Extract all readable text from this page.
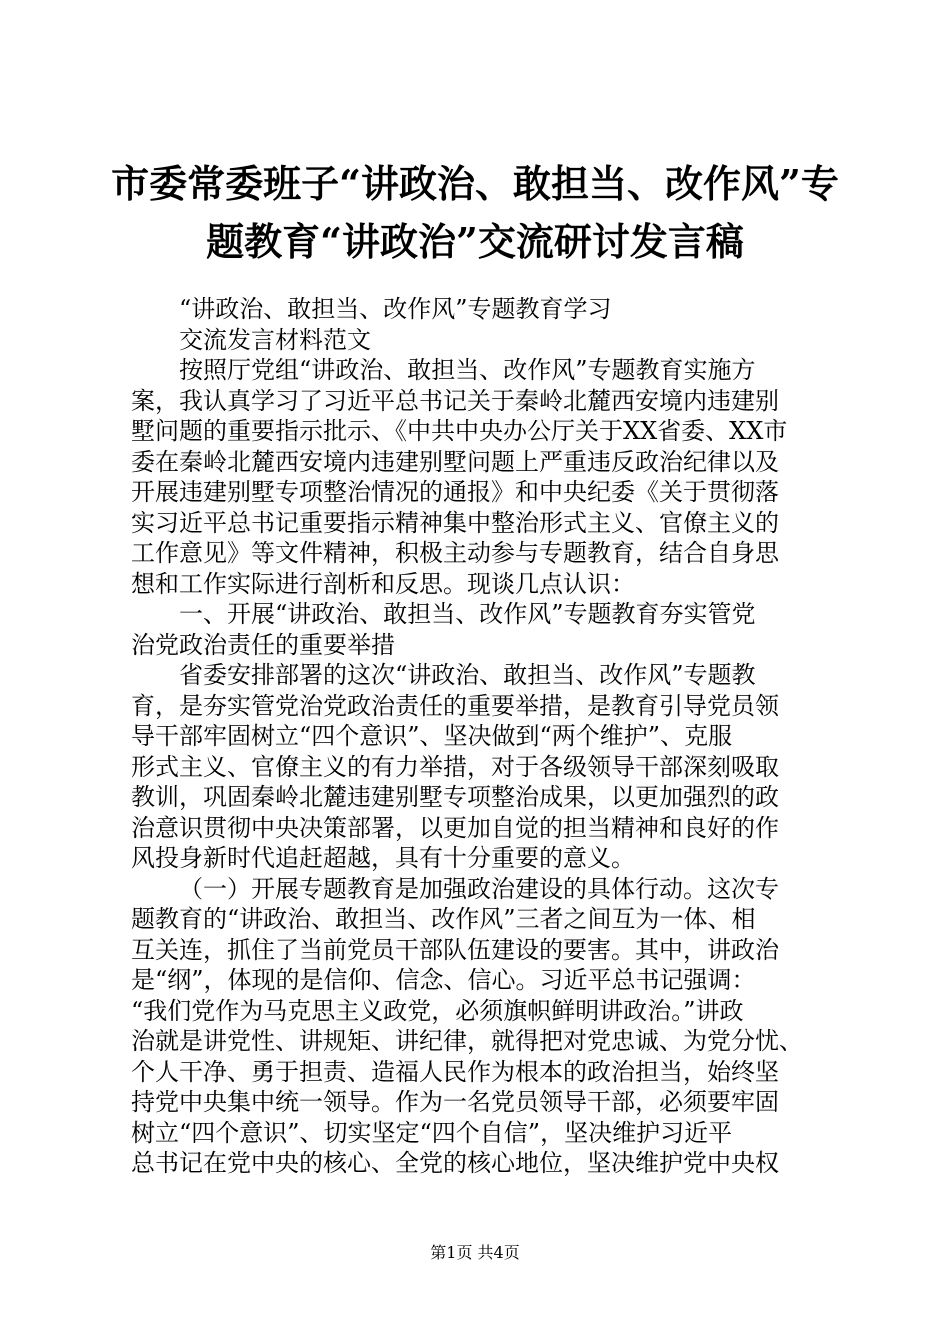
市委常委班子“讲政治、敢担当、改作风”专
题教育“讲政治”交流研讨发言稿
“讲政治、敢担当、改作风”专题教育学习
交流发言材料范文
按照厅党组“讲政治、敢担当、改作风”专题教育实施方
案，我认真学习了习近平总书记关于秦岭北麓西安境内违建别
墅问题的重要指示批示、《中共中央办公厅关于XX省委、XX市
委在秦岭北麓西安境内违建别墅问题上严重违反政治纪律以及
开展违建别墅专项整治情况的通报》和中央纪委《关于贯彻落
实习近平总书记重要指示精神集中整治形式主义、官僚主义的
工作意见》等文件精神，积极主动参与专题教育，结合自身思
想和工作实际进行剖析和反思。现谈几点认识：
一、开展“讲政治、敢担当、改作风”专题教育夯实管党
治党政治责任的重要举措
省委安排部署的这次“讲政治、敢担当、改作风”专题教
育，是夯实管党治党政治责任的重要举措，是教育引导党员领
导干部牢固树立“四个意识”、坚决做到“两个维护”、克服
形式主义、官僚主义的有力举措，对于各级领导干部深刻吸取
教训，巩固秦岭北麓违建别墅专项整治成果，以更加强烈的政
治意识贯彻中央决策部署，以更加自觉的担当精神和良好的作
风投身新时代追赶超越，具有十分重要的意义。
（一）开展专题教育是加强政治建设的具体行动。这次专
题教育的“讲政治、敢担当、改作风”三者之间互为一体、相
互关连，抓住了当前党员干部队伍建设的要害。其中，讲政治
是“纲”，体现的是信仰、信念、信心。习近平总书记强调：
“我们党作为马克思主义政党，必须旗帜鲜明讲政治。”讲政
治就是讲党性、讲规矩、讲纪律，就得把对党忠诚、为党分忧、
个人干净、勇于担责、造福人民作为根本的政治担当，始终坚
持党中央集中统一领导。作为一名党员领导干部，必须要牢固
树立“四个意识”、切实坚定“四个自信”，坚决维护习近平
总书记在党中央的核心、全党的核心地位，坚决维护党中央权
第1页 共4页
